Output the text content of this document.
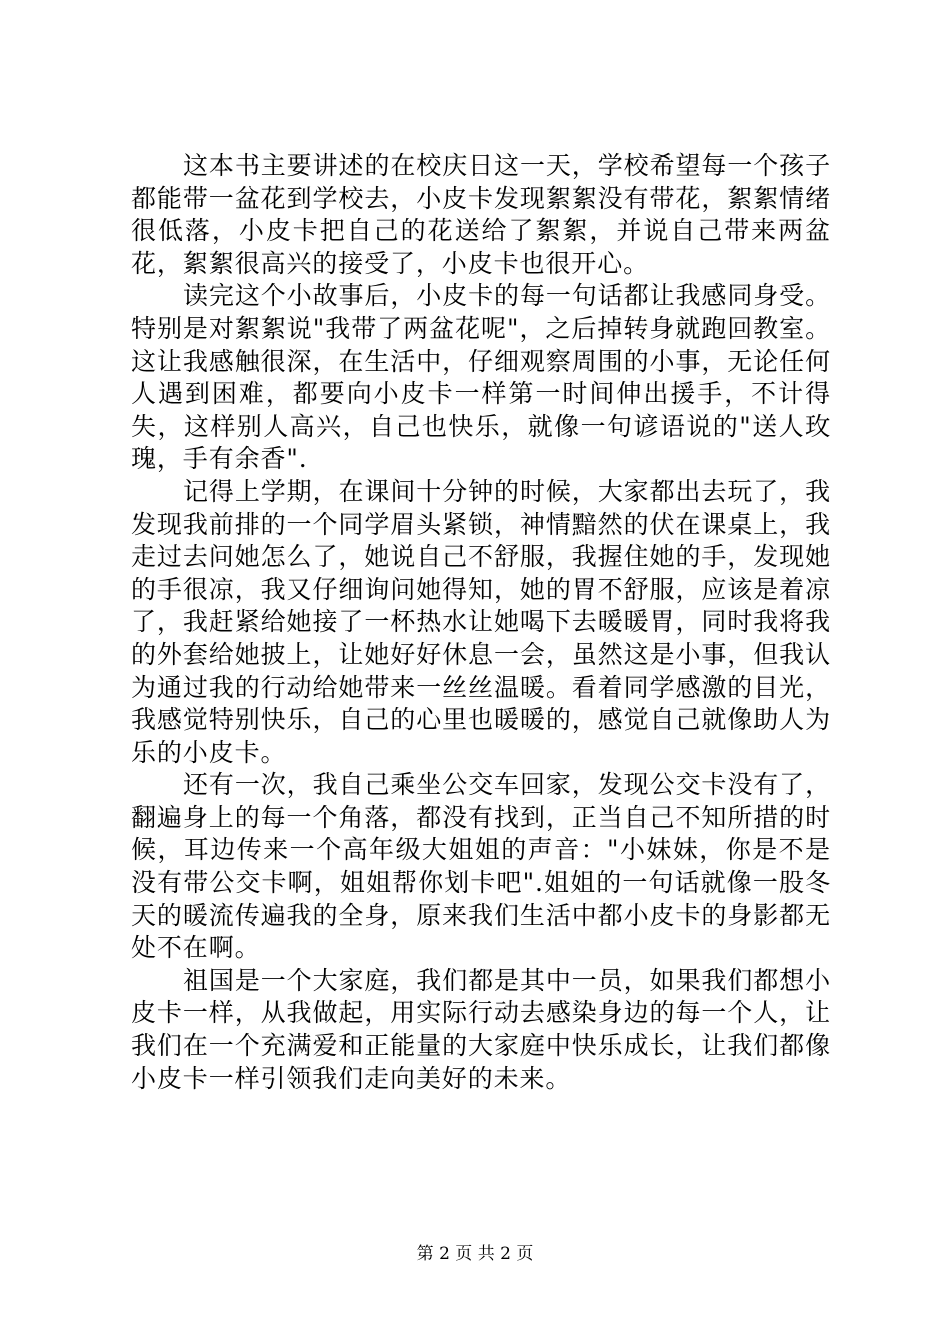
这本书主要讲述的在校庆日这一天，学校希望每一个孩子都能带一盆花到学校去，小皮卡发现絮絮没有带花，絮絮情绪很低落，小皮卡把自己的花送给了絮絮，并说自己带来两盆花，絮絮很高兴的接受了，小皮卡也很开心。

读完这个小故事后，小皮卡的每一句话都让我感同身受。特别是对絮絮说"我带了两盆花呢"，之后掉转身就跑回教室。这让我感触很深，在生活中，仔细观察周围的小事，无论任何人遇到困难，都要向小皮卡一样第一时间伸出援手，不计得失，这样别人高兴，自己也快乐，就像一句谚语说的"送人玫瑰，手有余香".

记得上学期，在课间十分钟的时候，大家都出去玩了，我发现我前排的一个同学眉头紧锁，神情黯然的伏在课桌上，我走过去问她怎么了，她说自己不舒服，我握住她的手，发现她的手很凉，我又仔细询问她得知，她的胃不舒服，应该是着凉了，我赶紧给她接了一杯热水让她喝下去暖暖胃，同时我将我的外套给她披上，让她好好休息一会，虽然这是小事，但我认为通过我的行动给她带来一丝丝温暖。看着同学感激的目光，我感觉特别快乐，自己的心里也暖暖的，感觉自己就像助人为乐的小皮卡。

还有一次，我自己乘坐公交车回家，发现公交卡没有了，翻遍身上的每一个角落，都没有找到，正当自己不知所措的时候，耳边传来一个高年级大姐姐的声音："小妹妹，你是不是没有带公交卡啊，姐姐帮你划卡吧".姐姐的一句话就像一股冬天的暖流传遍我的全身，原来我们生活中都小皮卡的身影都无处不在啊。

祖国是一个大家庭，我们都是其中一员，如果我们都想小皮卡一样，从我做起，用实际行动去感染身边的每一个人，让我们在一个充满爱和正能量的大家庭中快乐成长，让我们都像小皮卡一样引领我们走向美好的未来。

第 2 页 共 2 页
